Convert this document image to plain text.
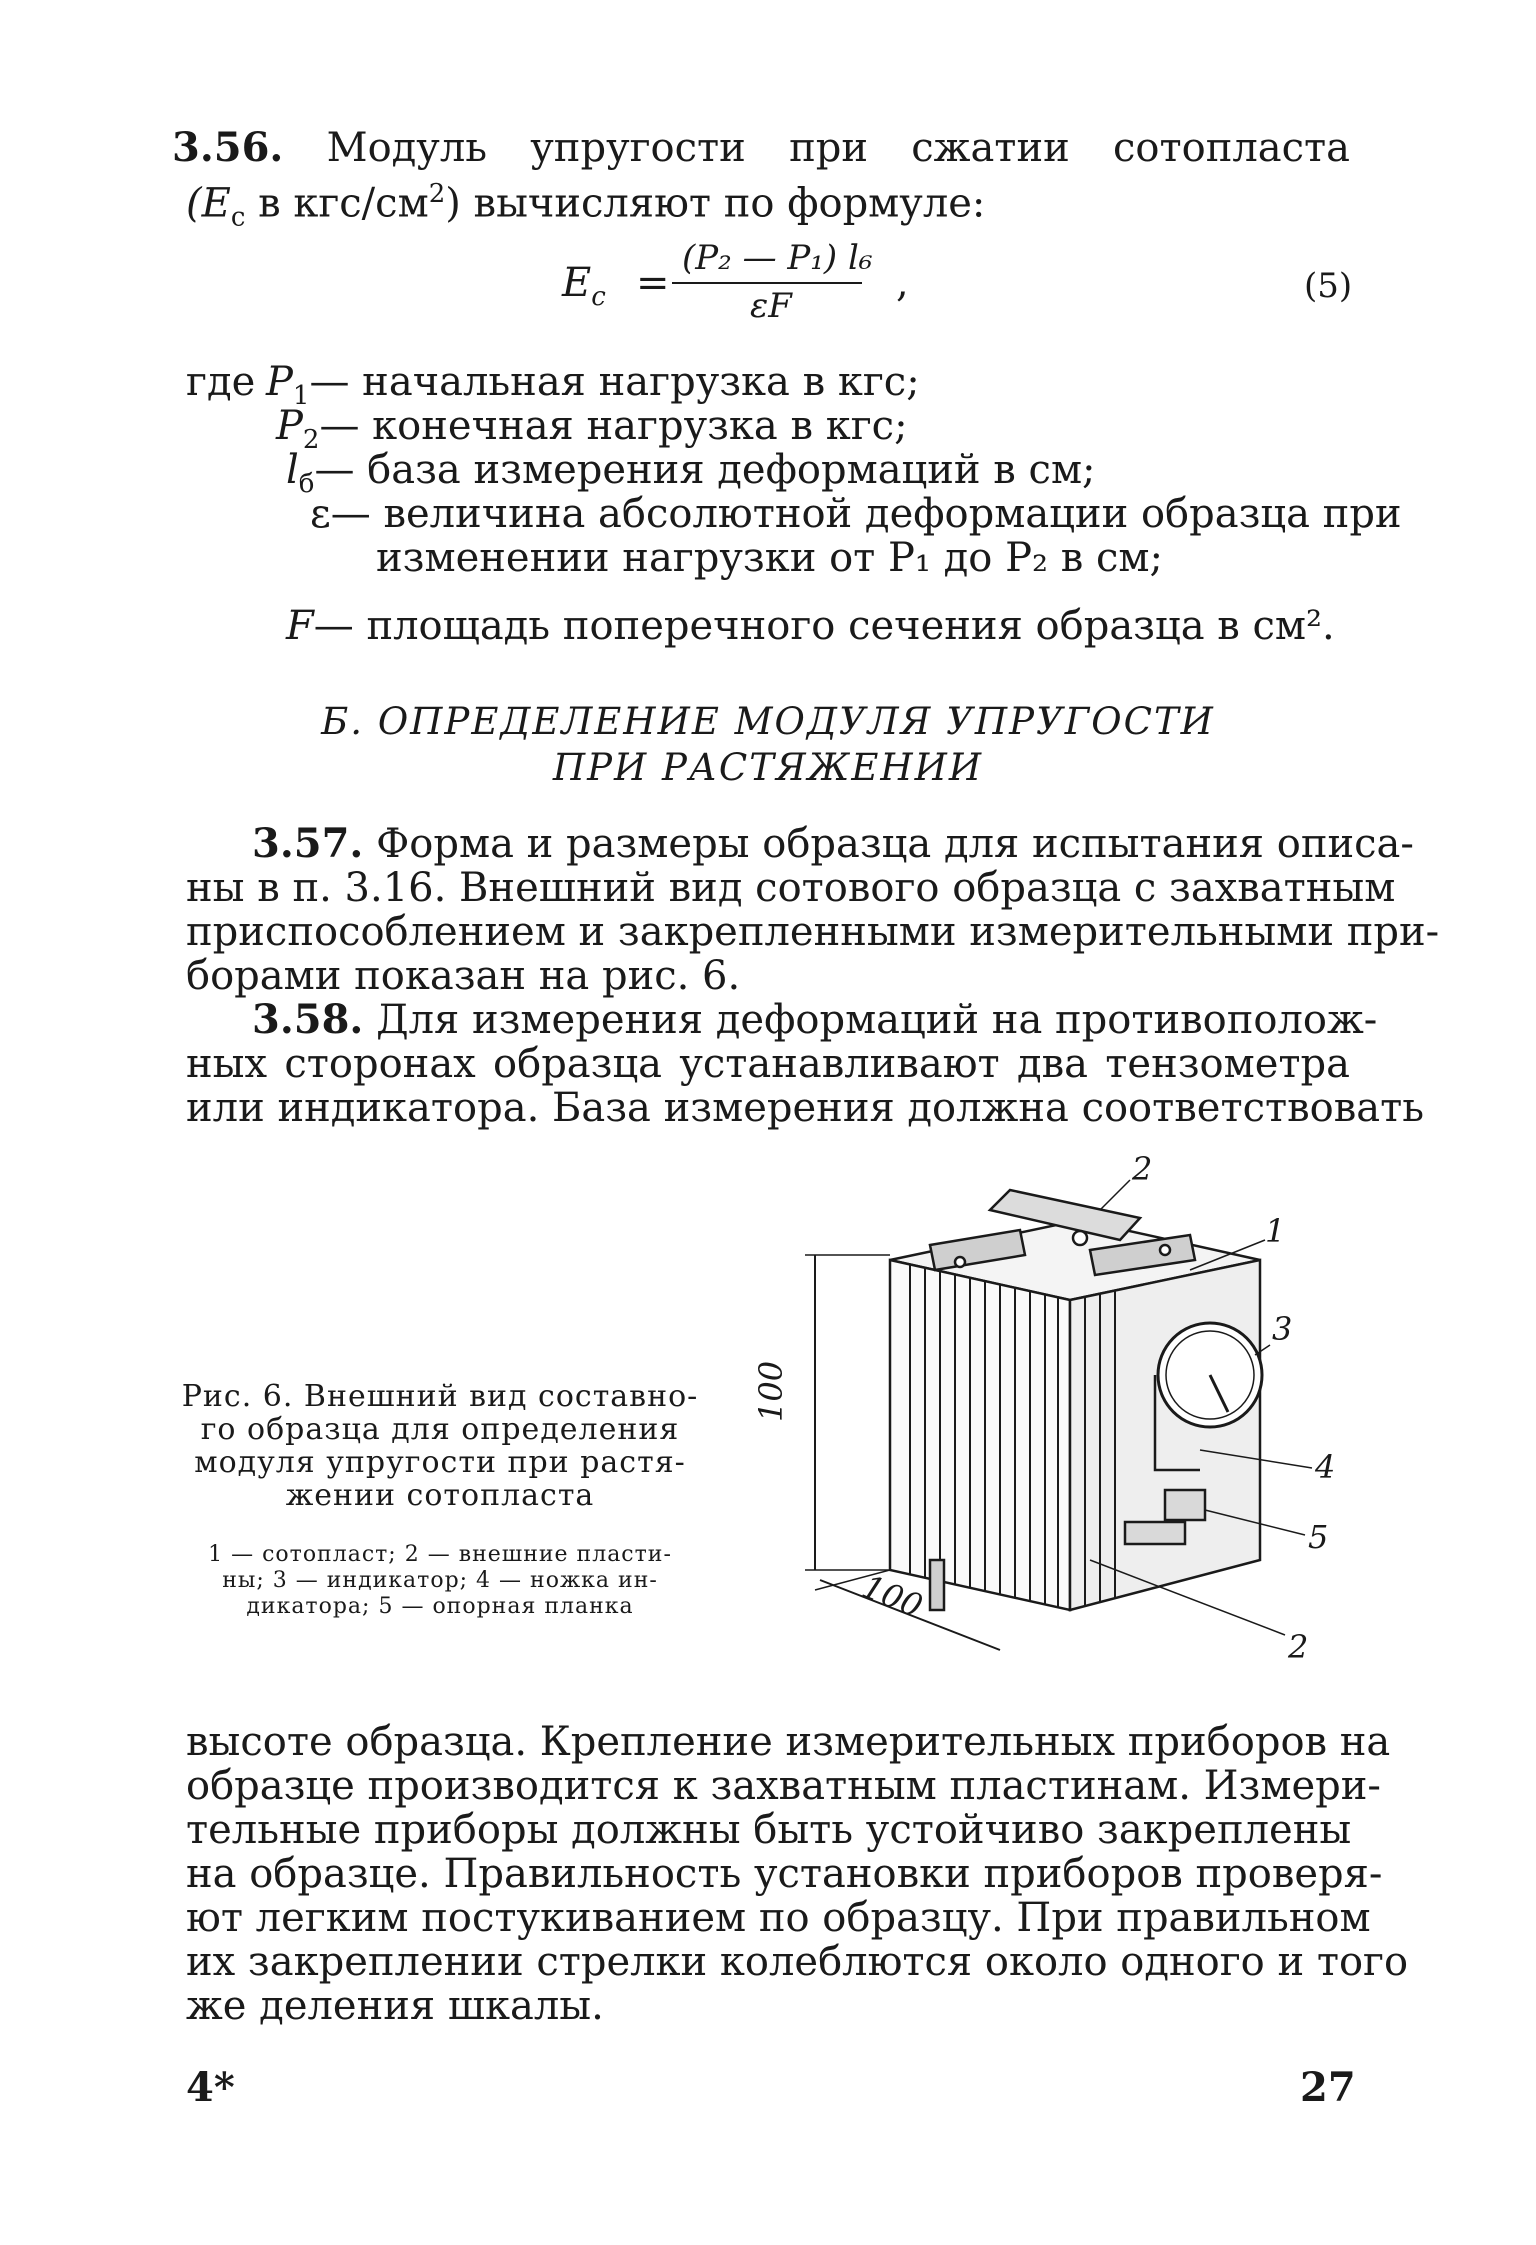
3.56. Модуль упругости при сжатии сотопласта
($E_c$ в кгс/$см^2$) вычисляют по формуле:
$E_c$ =
(P₂ — P₁) l₆
εF	,	(5)
где $P_1—$ начальная нагрузка в кгс;
$P_2—$ конечная нагрузка в кгс;
$l_б—$ база измерения деформаций в см;
ε— величина абсолютной деформации образца при
изменении нагрузки от P₁ до P₂ в см;
F— площадь поперечного сечения образца в см².
Б. ОПРЕДЕЛЕНИЕ МОДУЛЯ УПРУГОСТИ
ПРИ РАСТЯЖЕНИИ
3.57. Форма и размеры образца для испытания описа-
ны в п. 3.16. Внешний вид сотового образца с захватным
приспособлением и закрепленными измерительными при-
борами показан на рис. 6.
3.58. Для измерения деформаций на противополож-
ных сторонах образца устанавливают два тензометра
или индикатора. База измерения должна соответствовать
Рис. 6. Внешний вид составно-
го образца для определения
модуля упругости при растя-
жении сотопласта
1 — сотопласт; 2 — внешние пласти-
ны; 3 — индикатор; 4 — ножка ин-
дикатора; 5 — опорная планка
100
100
2
1
3
4
5
2
высоте образца. Крепление измерительных приборов на
образце производится к захватным пластинам. Измери-
тельные приборы должны быть устойчиво закреплены
на образце. Правильность установки приборов проверя-
ют легким постукиванием по образцу. При правильном
их закреплении стрелки колеблются около одного и того
же деления шкалы.
4*	27
